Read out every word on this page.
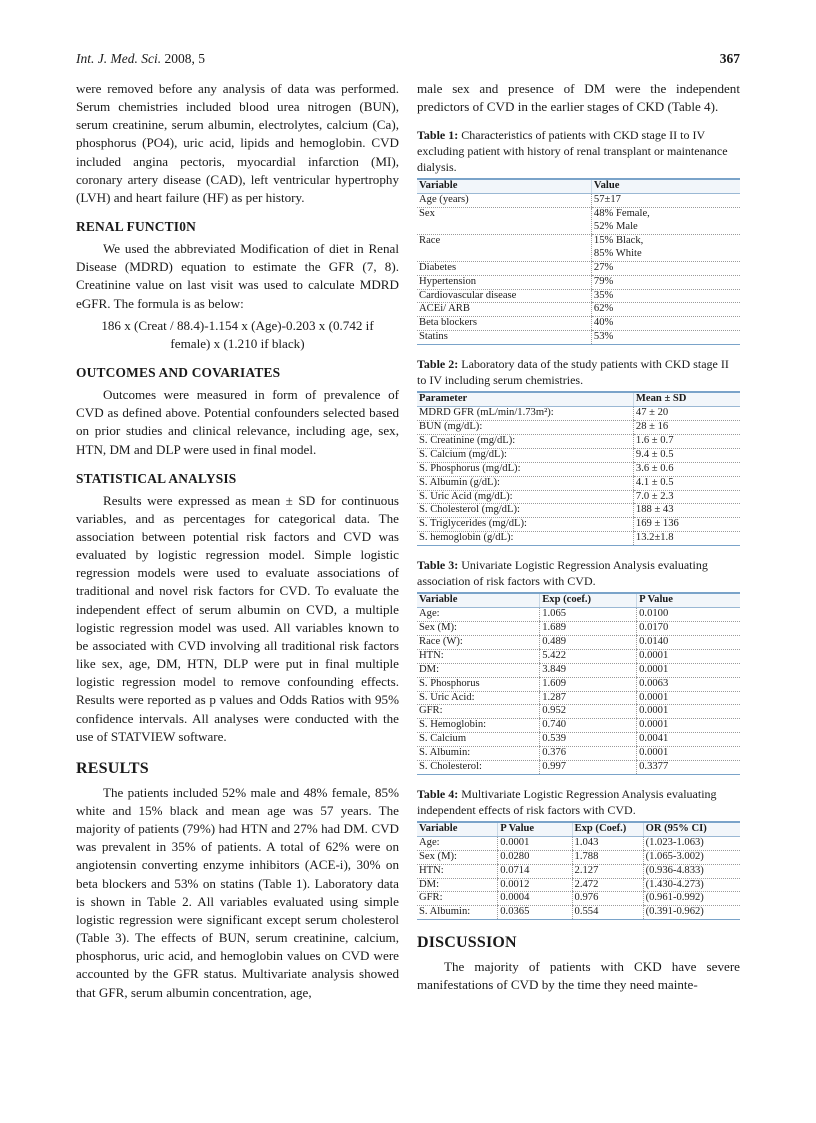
Int. J. Med. Sci. 2008, 5	367

were removed before any analysis of data was performed. Serum chemistries included blood urea nitrogen (BUN), serum creatinine, serum albumin, electrolytes, calcium (Ca), phosphorus (PO4), uric acid, lipids and hemoglobin. CVD included angina pectoris, myocardial infarction (MI), coronary artery disease (CAD), left ventricular hypertrophy (LVH) and heart failure (HF) as per history.

RENAL FUNCTI0N

We used the abbreviated Modification of diet in Renal Disease (MDRD) equation to estimate the GFR (7, 8). Creatinine value on last visit was used to calculate MDRD eGFR. The formula is as below:

186 x (Creat / 88.4)-1.154 x (Age)-0.203 x (0.742 if female) x (1.210 if black)

OUTCOMES AND COVARIATES

Outcomes were measured in form of prevalence of CVD as defined above. Potential confounders selected based on prior studies and clinical relevance, including age, sex, HTN, DM and DLP were used in final model.

STATISTICAL ANALYSIS

Results were expressed as mean ± SD for continuous variables, and as percentages for categorical data. The association between potential risk factors and CVD was evaluated by logistic regression model. Simple logistic regression models were used to evaluate associations of traditional and novel risk factors for CVD. To evaluate the independent effect of serum albumin on CVD, a multiple logistic regression model was used. All variables known to be associated with CVD involving all traditional risk factors like sex, age, DM, HTN, DLP were put in final multiple logistic regression model to remove confounding effects. Results were reported as p values and Odds Ratios with 95% confidence intervals. All analyses were conducted with the use of STATVIEW software.

RESULTS

The patients included 52% male and 48% female, 85% white and 15% black and mean age was 57 years. The majority of patients (79%) had HTN and 27% had DM. CVD was prevalent in 35% of patients. A total of 62% were on angiotensin converting enzyme inhibitors (ACE-i), 30% on beta blockers and 53% on statins (Table 1). Laboratory data is shown in Table 2. All variables evaluated using simple logistic regression were significant except serum cholesterol (Table 3). The effects of BUN, serum creatinine, calcium, phosphorus, uric acid, and hemoglobin values on CVD were accounted by the GFR status. Multivariate analysis showed that GFR, serum albumin concentration, age,

male sex and presence of DM were the independent predictors of CVD in the earlier stages of CKD (Table 4).

Table 1: Characteristics of patients with CKD stage II to IV excluding patient with history of renal transplant or maintenance dialysis.
Variable	Value
Age (years)	57±17
Sex	48% Female,
52% Male
Race	15% Black,
85% White
Diabetes	27%
Hypertension	79%
Cardiovascular disease	35%
ACEi/ ARB	62%
Beta blockers	40%
Statins	53%
Table 2: Laboratory data of the study patients with CKD stage II to IV including serum chemistries.
Parameter	Mean ± SD
MDRD GFR (mL/min/1.73m²):	47 ± 20
BUN (mg/dL):	28 ± 16
S. Creatinine (mg/dL):	1.6 ± 0.7
S. Calcium (mg/dL):	9.4 ± 0.5
S. Phosphorus (mg/dL):	3.6 ± 0.6
S. Albumin (g/dL):	4.1 ± 0.5
S. Uric Acid (mg/dL):	7.0 ± 2.3
S. Cholesterol (mg/dL):	188 ± 43
S. Triglycerides (mg/dL):	169 ± 136
S. hemoglobin (g/dL):	13.2±1.8
Table 3: Univariate Logistic Regression Analysis evaluating association of risk factors with CVD.
Variable	Exp (coef.)	P Value
Age:	1.065	0.0100
Sex (M):	1.689	0.0170
Race (W):	0.489	0.0140
HTN:	5.422	0.0001
DM:	3.849	0.0001
S. Phosphorus	1.609	0.0063
S. Uric Acid:	1.287	0.0001
GFR:	0.952	0.0001
S. Hemoglobin:	0.740	0.0001
S. Calcium	0.539	0.0041
S. Albumin:	0.376	0.0001
S. Cholesterol:	0.997	0.3377
Table 4: Multivariate Logistic Regression Analysis evaluating independent effects of risk factors with CVD.
Variable	P Value	Exp (Coef.)	OR (95% CI)
Age:	0.0001	1.043	(1.023-1.063)
Sex (M):	0.0280	1.788	(1.065-3.002)
HTN:	0.0714	2.127	(0.936-4.833)
DM:	0.0012	2.472	(1.430-4.273)
GFR:	0.0004	0.976	(0.961-0.992)
S. Albumin:	0.0365	0.554	(0.391-0.962)
DISCUSSION

The majority of patients with CKD have severe manifestations of CVD by the time they need mainte-
